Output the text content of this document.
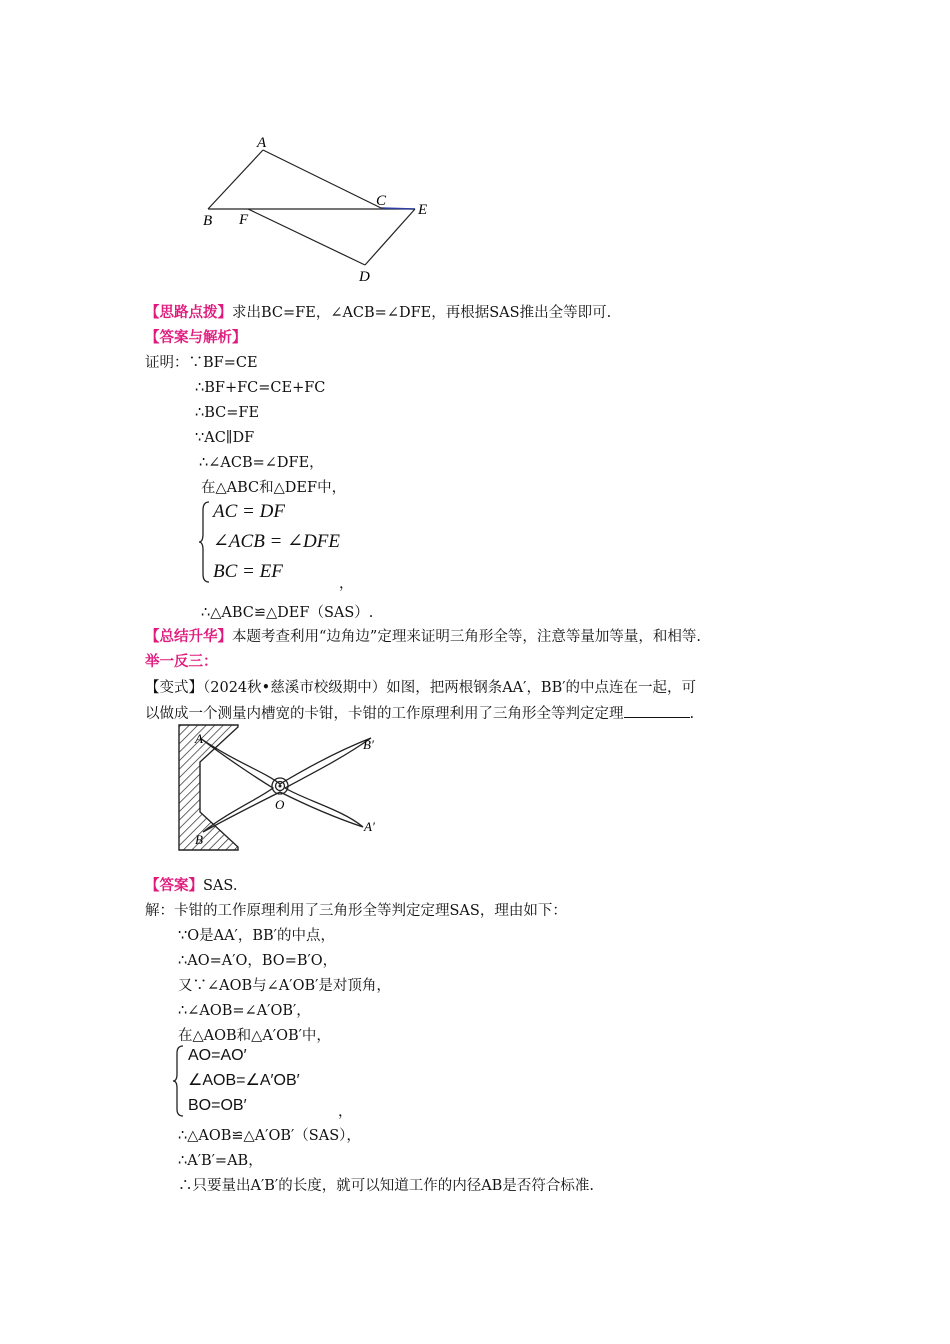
A
B F
C
E
D
【思路点拨】求出BC=FE，∠ACB=∠DFE，再根据SAS推出全等即可.
【答案与解析】
证明：∵BF=CE
∴BF+FC=CE+FC
∴BC=FE
∵AC∥DF
∴∠ACB=∠DFE，
在△ABC和△DEF中，
AC = DF
∠ACB = ∠DFE
BC = EF
，
∴△ABC≌△DEF（SAS）.
【总结升华】本题考查利用“边角边”定理来证明三角形全等，注意等量加等量，和相等.
举一反三：
【变式】（2024秋•慈溪市校级期中）如图，把两根钢条AA′，BB′的中点连在一起，可
以做成一个测量内槽宽的卡钳，卡钳的工作原理利用了三角形全等判定定理	.
A
B
O
B′
A′
【答案】SAS.
解：卡钳的工作原理利用了三角形全等判定定理SAS，理由如下：
∵O是AA′，BB′的中点，
∴AO=A′O，BO=B′O，
又∵∠AOB与∠A′OB′是对顶角，
∴∠AOB=∠A′OB′，
在△AOB和△A′OB′中，
AO=AO′
∠AOB=∠A′OB′
BO=OB′	，
∴△AOB≌△A′OB′（SAS），
∴A′B′=AB，
∴只要量出A′B′的长度，就可以知道工作的内径AB是否符合标准.
